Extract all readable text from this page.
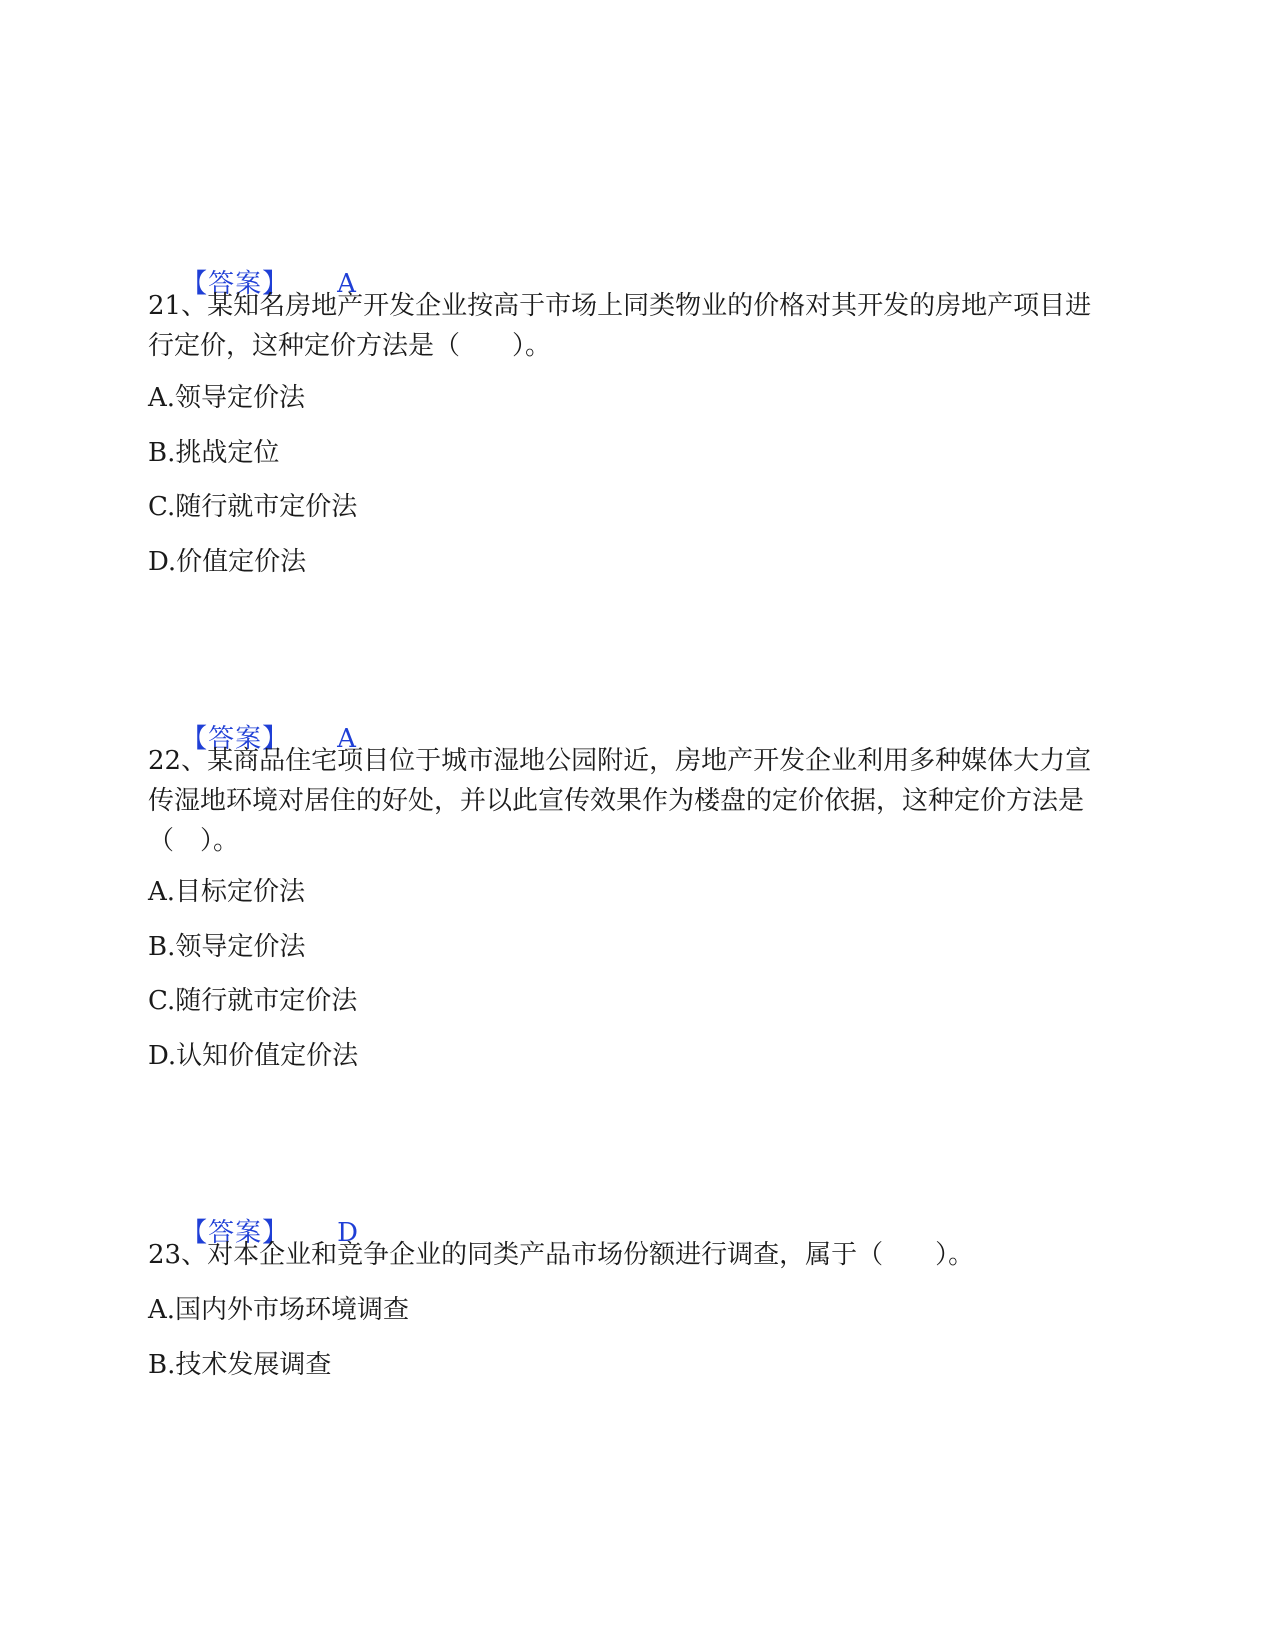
【答案】 A

21、某知名房地产开发企业按高于市场上同类物业的价格对其开发的房地产项目进行定价，这种定价方法是（　　）。

A.领导定价法
B.挑战定位
C.随行就市定价法
D.价值定价法

【答案】 A

22、某商品住宅项目位于城市湿地公园附近，房地产开发企业利用多种媒体大力宣传湿地环境对居住的好处，并以此宣传效果作为楼盘的定价依据，这种定价方法是（　）。

A.目标定价法
B.领导定价法
C.随行就市定价法
D.认知价值定价法

【答案】 D

23、对本企业和竞争企业的同类产品市场份额进行调查，属于（　　）。

A.国内外市场环境调查
B.技术发展调查
